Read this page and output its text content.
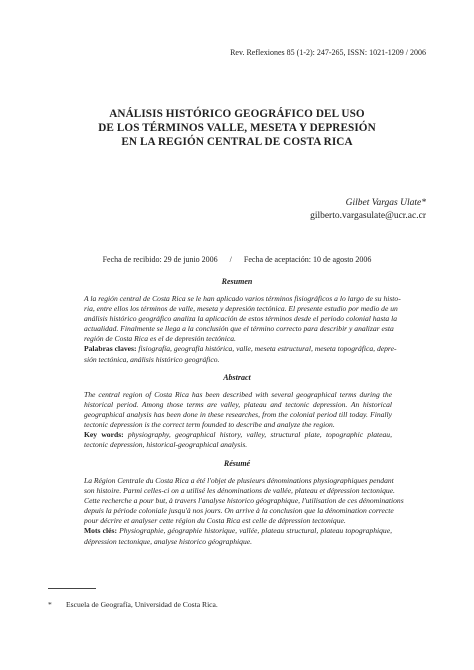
Rev. Reflexiones 85 (1-2): 247-265, ISSN: 1021-1209 / 2006
ANÁLISIS HISTÓRICO GEOGRÁFICO DEL USO
DE LOS TÉRMINOS VALLE, MESETA Y DEPRESIÓN
EN LA REGIÓN CENTRAL DE COSTA RICA
Gilbet Vargas Ulate*
gilberto.vargasulate@ucr.ac.cr
Fecha de recibido: 29 de junio 2006 / Fecha de aceptación: 10 de agosto 2006
Resumen
A la región central de Costa Rica se le han aplicado varios términos fisiográficos a lo largo de su histo-
ria, entre ellos los términos de valle, meseta y depresión tectónica. El presente estudio por medio de un
análisis histórico geográfico analiza la aplicación de estos términos desde el periodo colonial hasta la
actualidad. Finalmente se llega a la conclusión que el término correcto para describir y analizar esta
región de Costa Rica es el de depresión tectónica.
Palabras claves: fisiografía, geografía histórica, valle, meseta estructural, meseta topográfica, depre-
sión tectónica, análisis histórico geográfico.
Abstract
The central region of Costa Rica has been described with several geographical terms during the
historical period. Among those terms are valley, plateau and tectonic depression. An historical
geographical analysis has been done in these researches, from the colonial period till today. Finally
tectonic depression is the correct term founded to describe and analyze the region.
Key words: physiography, geographical history, valley, structural plate, topographic plateau,
tectonic depression, historical-geographical analysis.
Résumé
La Région Centrale du Costa Rica a été l'objet de plusieurs dénominations physiographiques pendant
son histoire. Parmi celles-ci on a utilisé les dénominations de vallée, plateau et dépression tectonique.
Cette recherche a pour but, à travers l'analyse historico géographique, l'utilisation de ces dénominations
depuis la période coloniale jusqu'à nos jours. On arrive à la conclusion que la dénomination correcte
pour décrire et analyser cette région du Costa Rica est celle de dépression tectonique.
Mots clés: Physiographie, géographie historique, vallée, plateau structural, plateau topographique,
dépression tectonique, analyse historico géographique.
* Escuela de Geografía, Universidad de Costa Rica.
